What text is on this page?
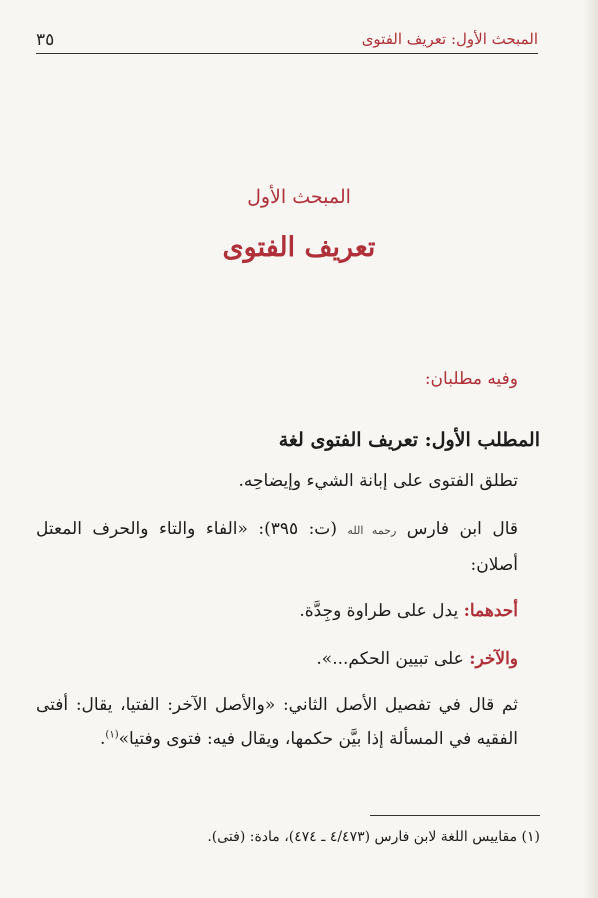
٣٥	المبحث الأول: تعريف الفتوى
المبحث الأول
تعريف الفتوى
وفيه مطلبان:
المطلب الأول: تعريف الفتوى لغة
تطلق الفتوى على إبانة الشيء وإيضاحِه.
قال ابن فارس رحمه الله (ت: ٣٩٥): «الفاء والتاء والحرف المعتل أصلان:
أحدهما: يدل على طراوة وجِدَّة.
والآخر: على تبيين الحكم...».
ثم قال في تفصيل الأصل الثاني: «والأصل الآخر: الفتيا، يقال: أفتى الفقيه في المسألة إذا بيَّن حكمها، ويقال فيه: فتوى وفتيا»$^{(١)}$.
(١) مقاييس اللغة لابن فارس (٤/٤٧٣ ـ ٤٧٤)، مادة: (فتى).
